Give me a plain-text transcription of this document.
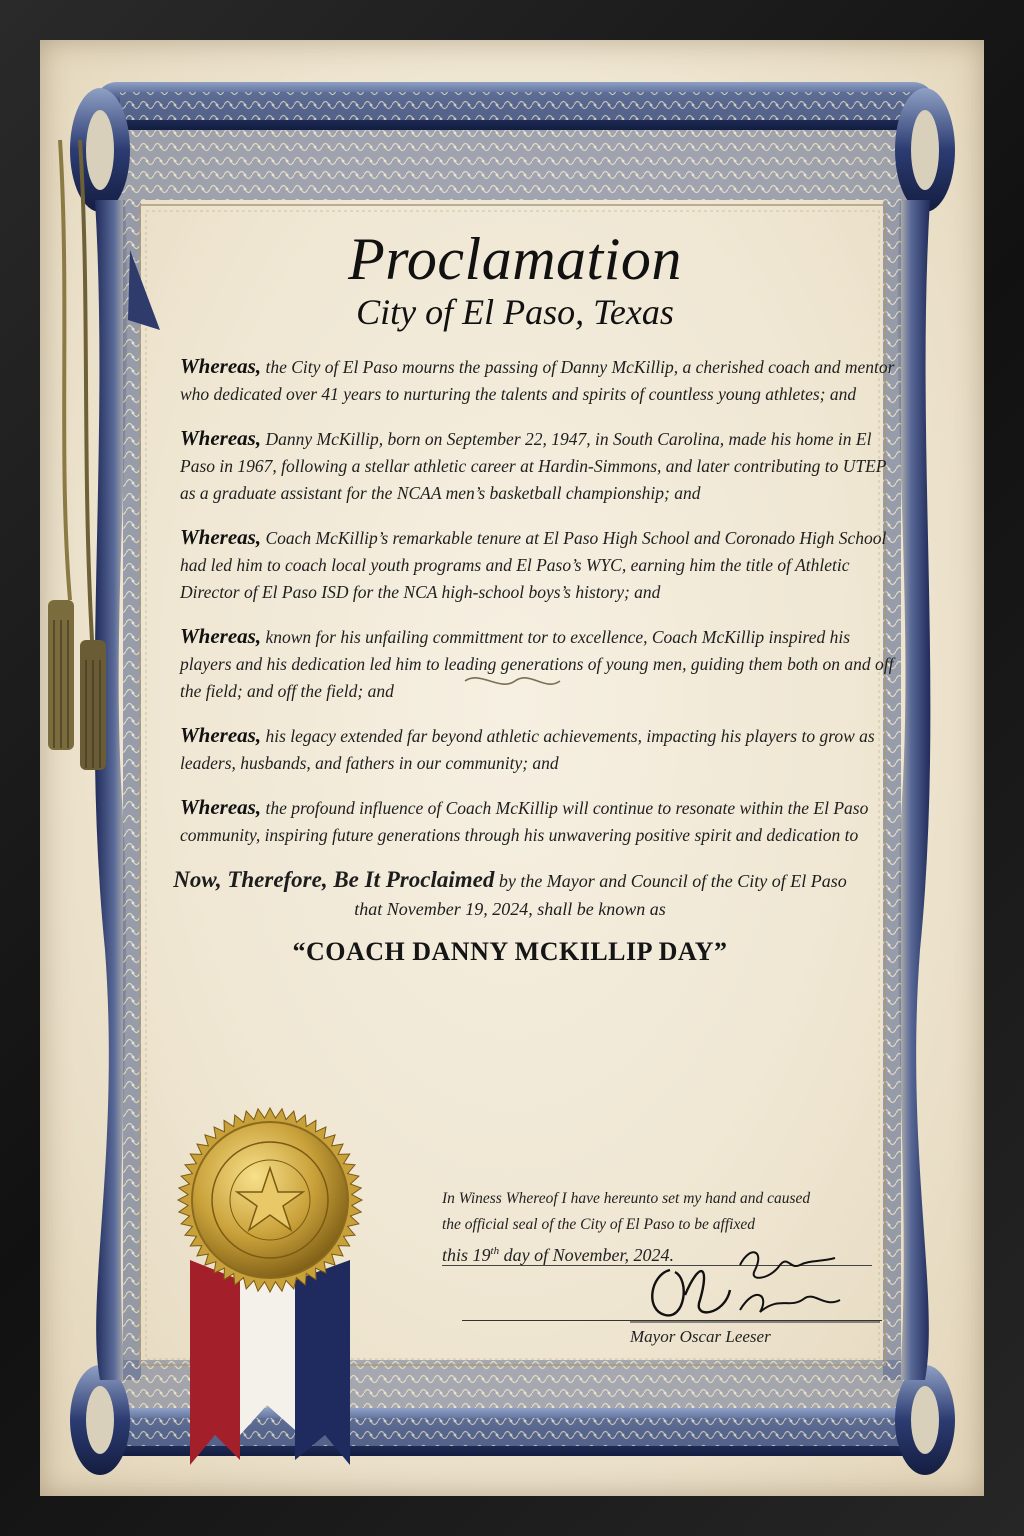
Proclamation
City of El Paso, Texas

Whereas, the City of El Paso mourns the passing of Danny McKillip, a cherished coach and mentor who dedicated over 41 years to nurturing the talents and spirits of countless young athletes; and

Whereas, Danny McKillip, born on September 22, 1947, in South Carolina, made his home in El Paso in 1967, following a stellar athletic career at Hardin-Simmons, and later contributing to UTEP as a graduate assistant for the NCAA men’s basketball championship; and

Whereas, Coach McKillip’s remarkable tenure at El Paso High School and Coronado High School had led him to coach local youth programs and El Paso’s WYC, earning him the title of Athletic Director of El Paso ISD for the NCA high-school boys’s history; and

Whereas, known for his unfailing committment tor to excellence, Coach McKillip inspired his players and his dedication led him to leading generations of young men, guiding them both on and off the field; and off the field; and

Whereas, his legacy extended far beyond athletic achievements, impacting his players to grow as leaders, husbands, and fathers in our community; and

Whereas, the profound influence of Coach McKillip will continue to resonate within the El Paso community, inspiring future generations through his unwavering positive spirit and dedication to

Now, Therefore, Be It Proclaimed by the Mayor and Council of the City of El Paso that November 19, 2024, shall be known as

“COACH DANNY MCKILLIP DAY”
In Winess Whereof I have hereunto set my hand and caused
the official seal of the City of El Paso to be affixed
this 19th day of November, 2024.
Mayor Oscar Leeser
